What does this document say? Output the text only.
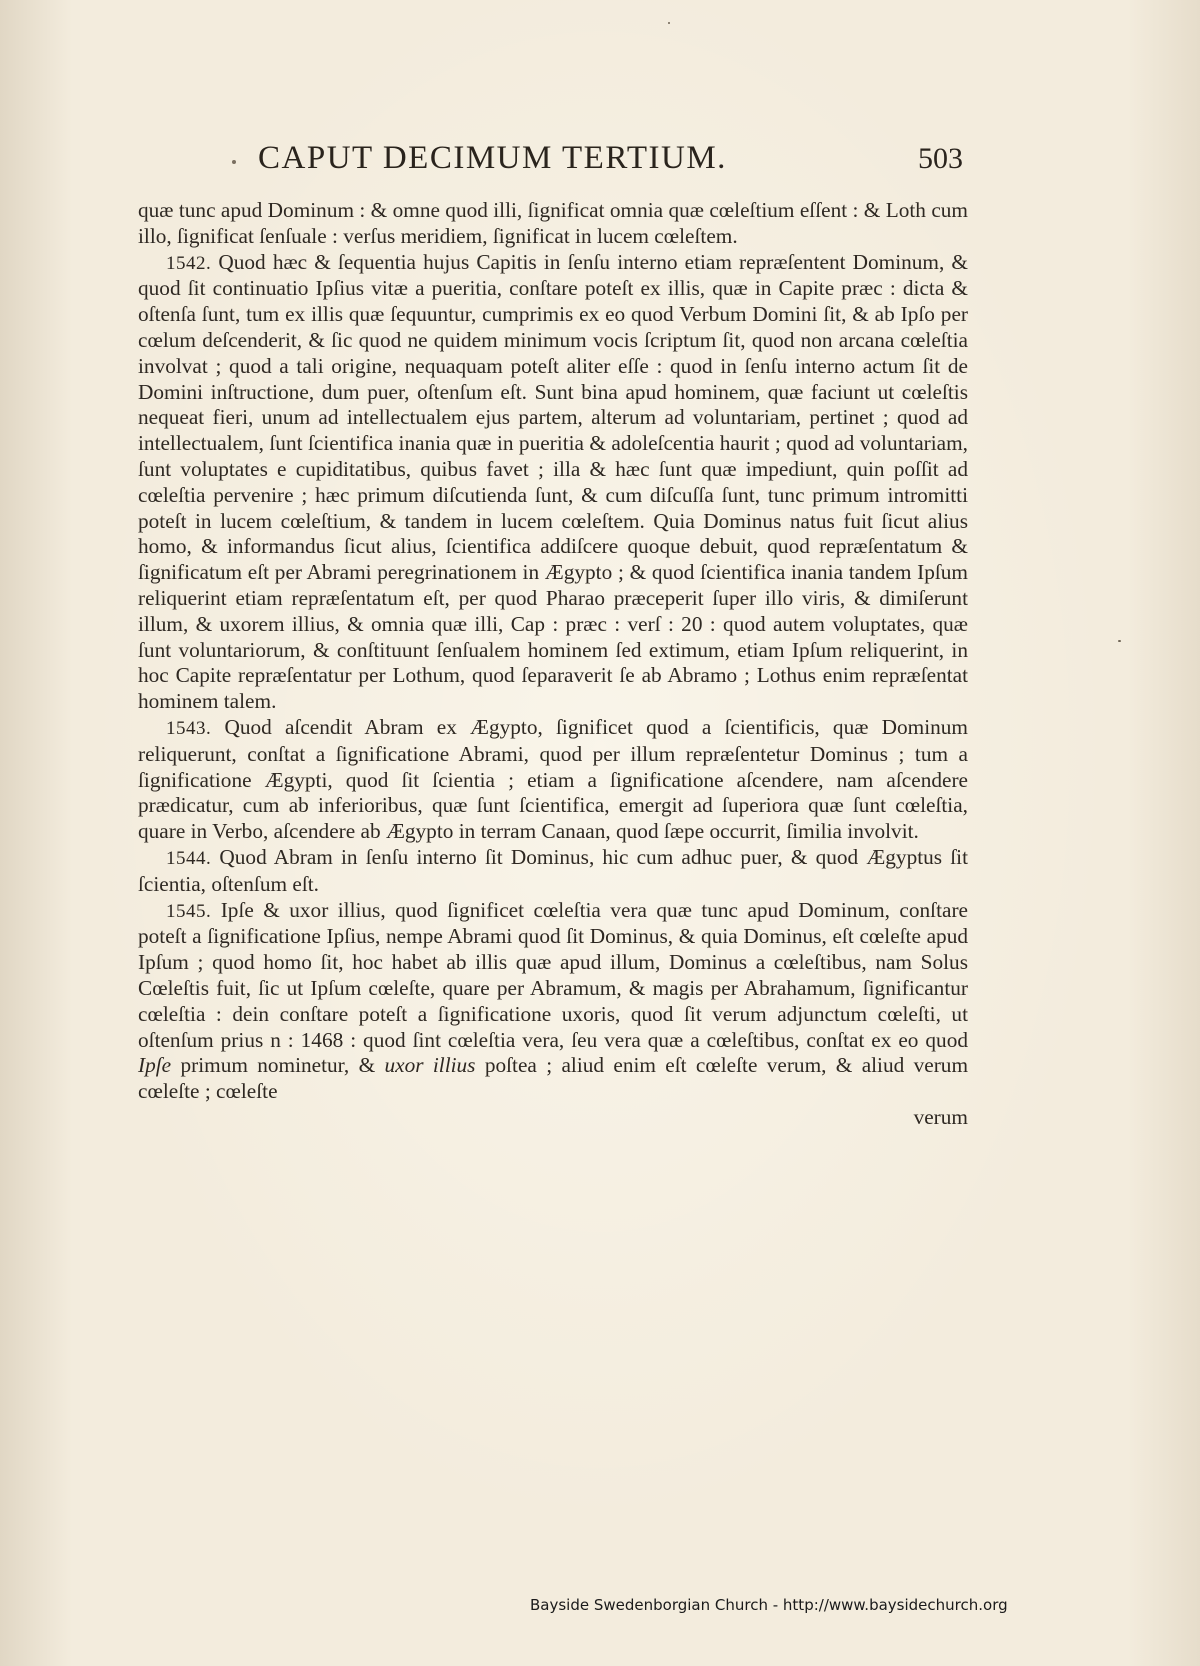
CAPUT DECIMUM TERTIUM.	503

quæ tunc apud Dominum : & omne quod illi, ſignificat omnia quæ cœleſtium eſſent : & Loth cum illo, ſignificat ſenſuale : verſus meridiem, ſignificat in lucem cœleſtem.

1542. Quod hæc & ſequentia hujus Capitis in ſenſu interno etiam repræſentent Dominum, & quod ſit continuatio Ipſius vitæ a pueritia, conſtare poteſt ex illis, quæ in Capite præc : dicta & oſtenſa ſunt, tum ex illis quæ ſequuntur, cumprimis ex eo quod Verbum Domini ſit, & ab Ipſo per cœlum deſcenderit, & ſic quod ne quidem minimum vocis ſcriptum ſit, quod non arcana cœleſtia involvat ; quod a tali origine, nequaquam poteſt aliter eſſe : quod in ſenſu interno actum ſit de Domini inſtructione, dum puer, oſtenſum eſt. Sunt bina apud hominem, quæ faciunt ut cœleſtis nequeat fieri, unum ad intellectualem ejus partem, alterum ad voluntariam, pertinet ; quod ad intellectualem, ſunt ſcientifica inania quæ in pueritia & adoleſcentia haurit ; quod ad voluntariam, ſunt voluptates e cupiditatibus, quibus favet ; illa & hæc ſunt quæ impediunt, quin poſſit ad cœleſtia pervenire ; hæc primum diſcutienda ſunt, & cum diſcuſſa ſunt, tunc primum intromitti poteſt in lucem cœleſtium, & tandem in lucem cœleſtem. Quia Dominus natus fuit ſicut alius homo, & informandus ſicut alius, ſcientifica addiſcere quoque debuit, quod repræſentatum & ſignificatum eſt per Abrami peregrinationem in Ægypto ; & quod ſcientifica inania tandem Ipſum reliquerint etiam repræſentatum eſt, per quod Pharao præceperit ſuper illo viris, & dimiſerunt illum, & uxorem illius, & omnia quæ illi, Cap : præc : verſ : 20 : quod autem voluptates, quæ ſunt voluntariorum, & conſtituunt ſenſualem hominem ſed extimum, etiam Ipſum reliquerint, in hoc Capite repræſentatur per Lothum, quod ſeparaverit ſe ab Abramo ; Lothus enim repræſentat hominem talem.

1543. Quod aſcendit Abram ex Ægypto, ſignificet quod a ſcientificis, quæ Dominum reliquerunt, conſtat a ſignificatione Abrami, quod per illum repræſentetur Dominus ; tum a ſignificatione Ægypti, quod ſit ſcientia ; etiam a ſignificatione aſcendere, nam aſcendere prædicatur, cum ab inferioribus, quæ ſunt ſcientifica, emergit ad ſuperiora quæ ſunt cœleſtia, quare in Verbo, aſcendere ab Ægypto in terram Canaan, quod ſæpe occurrit, ſimilia involvit.

1544. Quod Abram in ſenſu interno ſit Dominus, hic cum adhuc puer, & quod Ægyptus ſit ſcientia, oſtenſum eſt.

1545. Ipſe & uxor illius, quod ſignificet cœleſtia vera quæ tunc apud Dominum, conſtare poteſt a ſignificatione Ipſius, nempe Abrami quod ſit Dominus, & quia Dominus, eſt cœleſte apud Ipſum ; quod homo ſit, hoc habet ab illis quæ apud illum, Dominus a cœleſtibus, nam Solus Cœleſtis fuit, ſic ut Ipſum cœleſte, quare per Abramum, & magis per Abrahamum, ſignificantur cœleſtia : dein conſtare poteſt a ſignificatione uxoris, quod ſit verum adjunctum cœleſti, ut oſtenſum prius n : 1468 : quod ſint cœleſtia vera, ſeu vera quæ a cœleſtibus, conſtat ex eo quod Ipſe primum nominetur, & uxor illius poſtea ; aliud enim eſt cœleſte verum, & aliud verum cœleſte ; cœleſte

verum

Bayside Swedenborgian Church - http://www.baysidechurch.org
